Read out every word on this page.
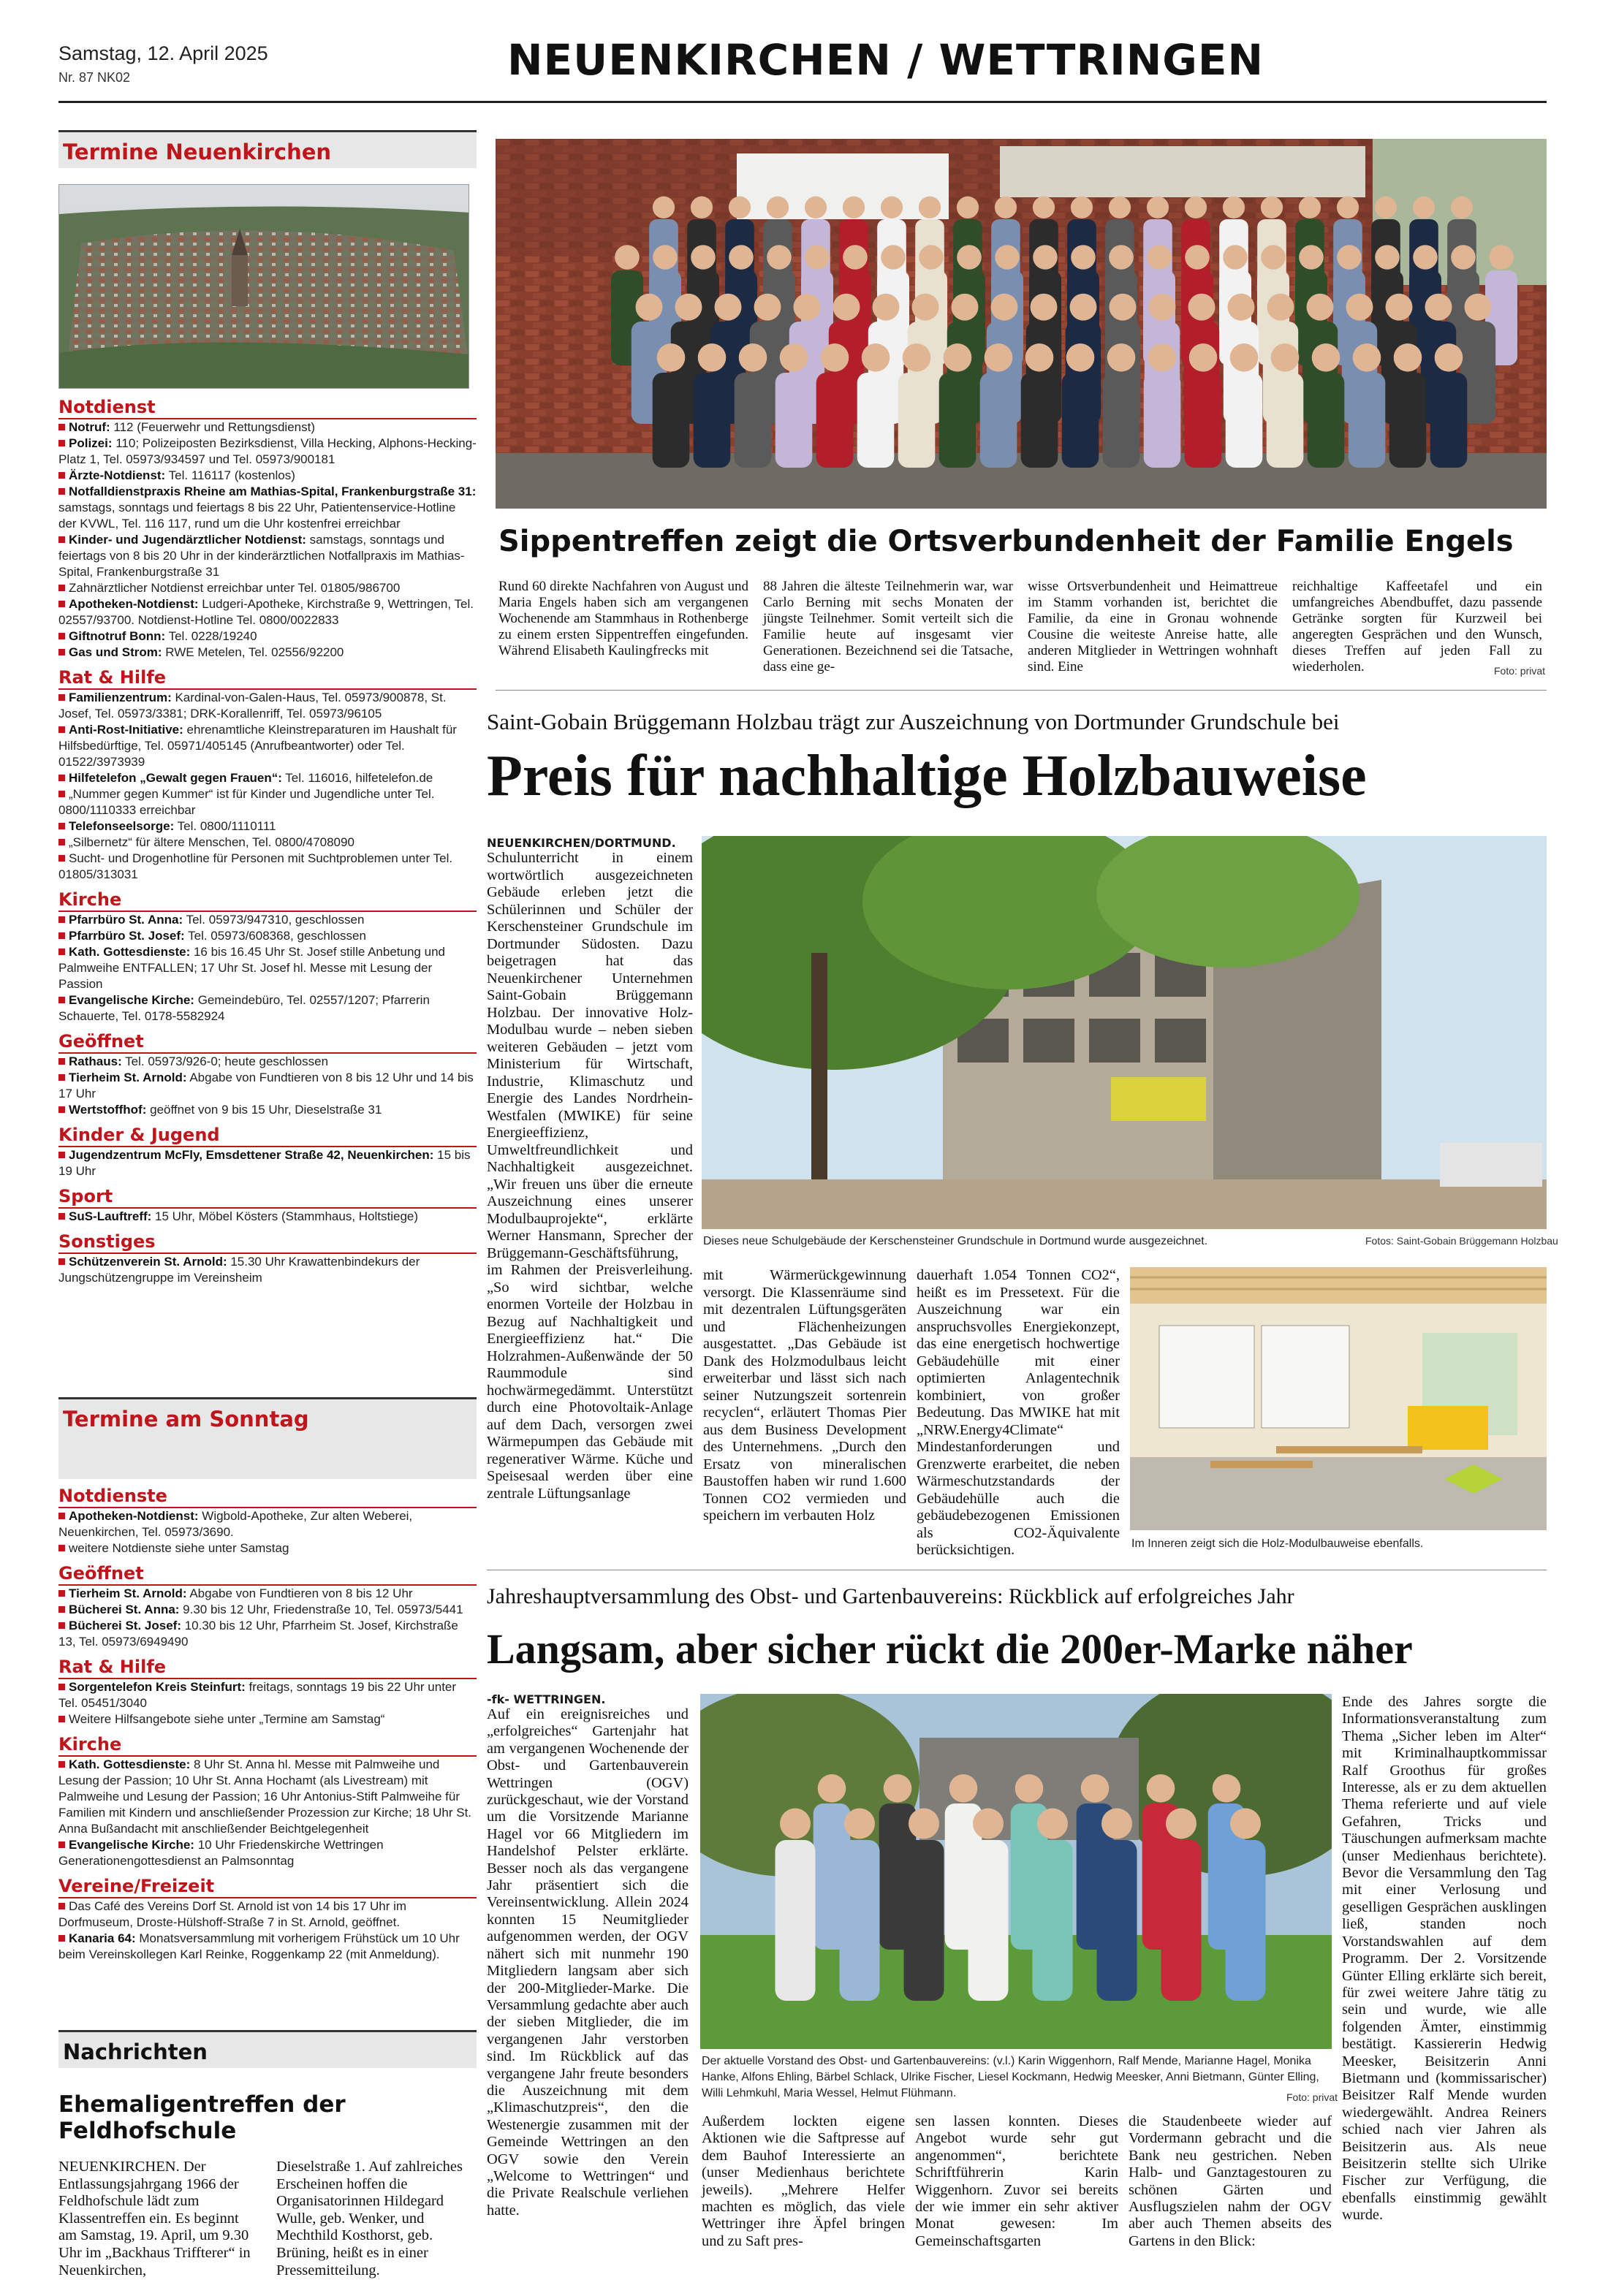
Samstag, 12. April 2025
Nr. 87 NK02	NEUENKIRCHEN / WETTRINGEN
Termine Neuenkirchen
Notdienst
Notruf: 112 (Feuerwehr und Rettungsdienst)
Polizei: 110; Polizeiposten Bezirksdienst, Villa Hecking, Alphons-Hecking-Platz 1, Tel. 05973/934597 und Tel. 05973/900181
Ärzte-Notdienst: Tel. 116117 (kostenlos)
Notfalldienstpraxis Rheine am Mathias-Spital, Frankenburgstraße 31: samstags, sonntags und feiertags 8 bis 22 Uhr, Patientenservice-Hotline der KVWL, Tel. 116 117, rund um die Uhr kostenfrei erreichbar
Kinder- und Jugendärztlicher Notdienst: samstags, sonntags und feiertags von 8 bis 20 Uhr in der kinderärztlichen Notfallpraxis im Mathias-Spital, Frankenburgstraße 31
Zahnärztlicher Notdienst erreichbar unter Tel. 01805/986700
Apotheken-Notdienst: Ludgeri-Apotheke, Kirchstraße 9, Wettringen, Tel. 02557/93700. Notdienst-Hotline Tel. 0800/0022833
Giftnotruf Bonn: Tel. 0228/19240
Gas und Strom: RWE Metelen, Tel. 02556/92200
Rat & Hilfe
Familienzentrum: Kardinal-von-Galen-Haus, Tel. 05973/900878, St. Josef, Tel. 05973/3381; DRK-Korallenriff, Tel. 05973/96105
Anti-Rost-Initiative: ehrenamtliche Kleinstreparaturen im Haushalt für Hilfsbedürftige, Tel. 05971/405145 (Anrufbeantworter) oder Tel. 01522/3973939
Hilfetelefon „Gewalt gegen Frauen“: Tel. 116016, hilfetelefon.de
„Nummer gegen Kummer“ ist für Kinder und Jugendliche unter Tel. 0800/1110333 erreichbar
Telefonseelsorge: Tel. 0800/1110111
„Silbernetz“ für ältere Menschen, Tel. 0800/4708090
Sucht- und Drogenhotline für Personen mit Suchtproblemen unter Tel. 01805/313031
Kirche
Pfarrbüro St. Anna: Tel. 05973/947310, geschlossen
Pfarrbüro St. Josef: Tel. 05973/608368, geschlossen
Kath. Gottesdienste: 16 bis 16.45 Uhr St. Josef stille Anbetung und Palmweihe ENTFALLEN; 17 Uhr St. Josef hl. Messe mit Lesung der Passion
Evangelische Kirche: Gemeindebüro, Tel. 02557/1207; Pfarrerin Schauerte, Tel. 0178-5582924
Geöffnet
Rathaus: Tel. 05973/926-0; heute geschlossen
Tierheim St. Arnold: Abgabe von Fundtieren von 8 bis 12 Uhr und 14 bis 17 Uhr
Wertstoffhof: geöffnet von 9 bis 15 Uhr, Dieselstraße 31
Kinder & Jugend
Jugendzentrum McFly, Emsdettener Straße 42, Neuenkirchen: 15 bis 19 Uhr
Sport
SuS-Lauftreff: 15 Uhr, Möbel Kösters (Stammhaus, Holtstiege)
Sonstiges
Schützenverein St. Arnold: 15.30 Uhr Krawattenbindekurs der Jungschützengruppe im Vereinsheim
Termine am Sonntag
Notdienste
Apotheken-Notdienst: Wigbold-Apotheke, Zur alten Weberei, Neuenkirchen, Tel. 05973/3690.
weitere Notdienste siehe unter Samstag
Geöffnet
Tierheim St. Arnold: Abgabe von Fundtieren von 8 bis 12 Uhr
Bücherei St. Anna: 9.30 bis 12 Uhr, Friedenstraße 10, Tel. 05973/5441
Bücherei St. Josef: 10.30 bis 12 Uhr, Pfarrheim St. Josef, Kirchstraße 13, Tel. 05973/6949490
Rat & Hilfe
Sorgentelefon Kreis Steinfurt: freitags, sonntags 19 bis 22 Uhr unter Tel. 05451/3040
Weitere Hilfsangebote siehe unter „Termine am Samstag“
Kirche
Kath. Gottesdienste: 8 Uhr St. Anna hl. Messe mit Palmweihe und Lesung der Passion; 10 Uhr St. Anna Hochamt (als Livestream) mit Palmweihe und Lesung der Passion; 16 Uhr Antonius-Stift Palmweihe für Familien mit Kindern und anschließender Prozession zur Kirche; 18 Uhr St. Anna Bußandacht mit anschließender Beichtgelegenheit
Evangelische Kirche: 10 Uhr Friedenskirche Wettringen Generationengottesdienst an Palmsonntag
Vereine/Freizeit
Das Café des Vereins Dorf St. Arnold ist von 14 bis 17 Uhr im Dorfmuseum, Droste-Hülshoff-Straße 7 in St. Arnold, geöffnet.
Kanaria 64: Monatsversammlung mit vorherigem Frühstück um 10 Uhr beim Vereinskollegen Karl Reinke, Roggenkamp 22 (mit Anmeldung).
Nachrichten
Ehemaligentreffen der Feldhofschule
NEUENKIRCHEN. Der Entlassungsjahrgang 1966 der Feldhofschule lädt zum Klassentreffen ein. Es beginnt am Samstag, 19. April, um 9.30 Uhr im „Backhaus Triffterer“ in Neuenkirchen,
Dieselstraße 1. Auf zahlreiches Erscheinen hoffen die Organisatorinnen Hildegard Wulle, geb. Wenker, und Mechthild Kosthorst, geb. Brüning, heißt es in einer Pressemitteilung.
Sippentreffen zeigt die Ortsverbundenheit der Familie Engels
Rund 60 direkte Nachfahren von August und Maria Engels haben sich am vergangenen Wochenende am Stammhaus in Rothenberge zu einem ersten Sippentreffen eingefunden. Während Elisabeth Kaulingfrecks mit
88 Jahren die älteste Teilnehmerin war, war Carlo Berning mit sechs Monaten der jüngste Teilnehmer. Somit verteilt sich die Familie heute auf insgesamt vier Generationen. Bezeichnend sei die Tatsache, dass eine ge-
wisse Ortsverbundenheit und Heimattreue im Stamm vorhanden ist, berichtet die Familie, da eine in Gronau wohnende Cousine die weiteste Anreise hatte, alle anderen Mitglieder in Wettringen wohnhaft sind. Eine
reichhaltige Kaffeetafel und ein umfangreiches Abendbuffet, dazu passende Getränke sorgten für Kurzweil bei angeregten Gesprächen und den Wunsch, dieses Treffen auf jeden Fall zu wiederholen.	Foto: privat
Saint-Gobain Brüggemann Holzbau trägt zur Auszeichnung von Dortmunder Grundschule bei
Preis für nachhaltige Holzbauweise
NEUENKIRCHEN/DORTMUND.
Schulunterricht in einem wortwörtlich ausgezeichneten Gebäude erleben jetzt die Schülerinnen und Schüler der Kerschensteiner Grundschule im Dortmunder Südosten. Dazu beigetragen hat das Neuenkirchener Unternehmen Saint-Gobain Brüggemann Holzbau. Der innovative Holz-Modulbau wurde – neben sieben weiteren Gebäuden – jetzt vom Ministerium für Wirtschaft, Industrie, Klimaschutz und Energie des Landes Nordrhein-Westfalen (MWIKE) für seine Energieeffizienz, Umweltfreundlichkeit und Nachhaltigkeit ausgezeichnet. „Wir freuen uns über die erneute Auszeichnung eines unserer Modulbauprojekte“, erklärte Werner Hansmann, Sprecher der Brüggemann-Geschäftsführung, im Rahmen der Preisverleihung. „So wird sichtbar, welche enormen Vorteile der Holzbau in Bezug auf Nachhaltigkeit und Energieeffizienz hat.“ Die Holzrahmen-Außenwände der 50 Raummodule sind hochwärmegedämmt. Unterstützt durch eine Photovoltaik-Anlage auf dem Dach, versorgen zwei Wärmepumpen das Gebäude mit regenerativer Wärme. Küche und Speisesaal werden über eine zentrale Lüftungsanlage
Dieses neue Schulgebäude der Kerschensteiner Grundschule in Dortmund wurde ausgezeichnet.	Fotos: Saint-Gobain Brüggemann Holzbau
mit Wärmerückgewinnung versorgt. Die Klassenräume sind mit dezentralen Lüftungsgeräten und Flächenheizungen ausgestattet. „Das Gebäude ist Dank des Holzmodulbaus leicht erweiterbar und lässt sich nach seiner Nutzungszeit sortenrein recyclen“, erläutert Thomas Pier aus dem Business Development des Unternehmens. „Durch den Ersatz von mineralischen Baustoffen haben wir rund 1.600 Tonnen CO2 vermieden und speichern im verbauten Holz
dauerhaft 1.054 Tonnen CO2“, heißt es im Pressetext. Für die Auszeichnung war ein anspruchsvolles Energiekonzept, das eine energetisch hochwertige Gebäudehülle mit einer optimierten Anlagentechnik kombiniert, von großer Bedeutung. Das MWIKE hat mit „NRW.Energy4Climate“ Mindestanforderungen und Grenzwerte erarbeitet, die neben Wärmeschutzstandards der Gebäudehülle auch die gebäudebezogenen Emissionen als CO2-Äquivalente berücksichtigen.	Im Inneren zeigt sich die Holz-Modulbauweise ebenfalls.
Jahreshauptversammlung des Obst- und Gartenbauvereins: Rückblick auf erfolgreiches Jahr
Langsam, aber sicher rückt die 200er-Marke näher
-fk- WETTRINGEN.
Auf ein ereignisreiches und „erfolgreiches“ Gartenjahr hat am vergangenen Wochenende der Obst- und Gartenbauverein Wettringen (OGV) zurückgeschaut, wie der Vorstand um die Vorsitzende Marianne Hagel vor 66 Mitgliedern im Handelshof Pelster erklärte. Besser noch als das vergangene Jahr präsentiert sich die Vereinsentwicklung. Allein 2024 konnten 15 Neumitglieder aufgenommen werden, der OGV nähert sich mit nunmehr 190 Mitgliedern langsam aber sich der 200-Mitglieder-Marke. Die Versammlung gedachte aber auch der sieben Mitglieder, die im vergangenen Jahr verstorben sind. Im Rückblick auf das vergangene Jahr freute besonders die Auszeichnung mit dem „Klimaschutzpreis“, den die Westenergie zusammen mit der Gemeinde Wettringen an den OGV sowie den Verein „Welcome to Wettringen“ und die Private Realschule verliehen hatte.
Der aktuelle Vorstand des Obst- und Gartenbauvereins: (v.l.) Karin Wiggenhorn, Ralf Mende, Marianne Hagel, Monika Hanke, Alfons Ehling, Bärbel Schlack, Ulrike Fischer, Liesel Kockmann, Hedwig Meesker, Anni Bietmann, Günter Elling, Willi Lehmkuhl, Maria Wessel, Helmut Flühmann.	Foto: privat
Außerdem lockten eigene Aktionen wie die Saftpresse auf dem Bauhof Interessierte an (unser Medienhaus berichtete jeweils). „Mehrere Helfer machten es möglich, das viele Wettringer ihre Äpfel bringen und zu Saft pres-
sen lassen konnten. Dieses Angebot wurde sehr gut angenommen“, berichtete Schriftführerin Karin Wiggenhorn. Zuvor sei bereits der wie immer ein sehr aktiver Monat gewesen: Im Gemeinschaftsgarten
die Staudenbeete wieder auf Vordermann gebracht und die Bank neu gestrichen. Neben Halb- und Ganztagestouren zu schönen Gärten und Ausflugszielen nahm der OGV aber auch Themen abseits des Gartens in den Blick:
Ende des Jahres sorgte die Informationsveranstaltung zum Thema „Sicher leben im Alter“ mit Kriminalhauptkommissar Ralf Groothus für großes Interesse, als er zu dem aktuellen Thema referierte und auf viele Gefahren, Tricks und Täuschungen aufmerksam machte (unser Medienhaus berichtete). Bevor die Versammlung den Tag mit einer Verlosung und geselligen Gesprächen ausklingen ließ, standen noch Vorstandswahlen auf dem Programm. Der 2. Vorsitzende Günter Elling erklärte sich bereit, für zwei weitere Jahre tätig zu sein und wurde, wie alle folgenden Ämter, einstimmig bestätigt. Kassiererin Hedwig Meesker, Beisitzerin Anni Bietmann und (kommissarischer) Beisitzer Ralf Mende wurden wiedergewählt. Andrea Reiners schied nach vier Jahren als Beisitzerin aus. Als neue Beisitzerin stellte sich Ulrike Fischer zur Verfügung, die ebenfalls einstimmig gewählt wurde.
